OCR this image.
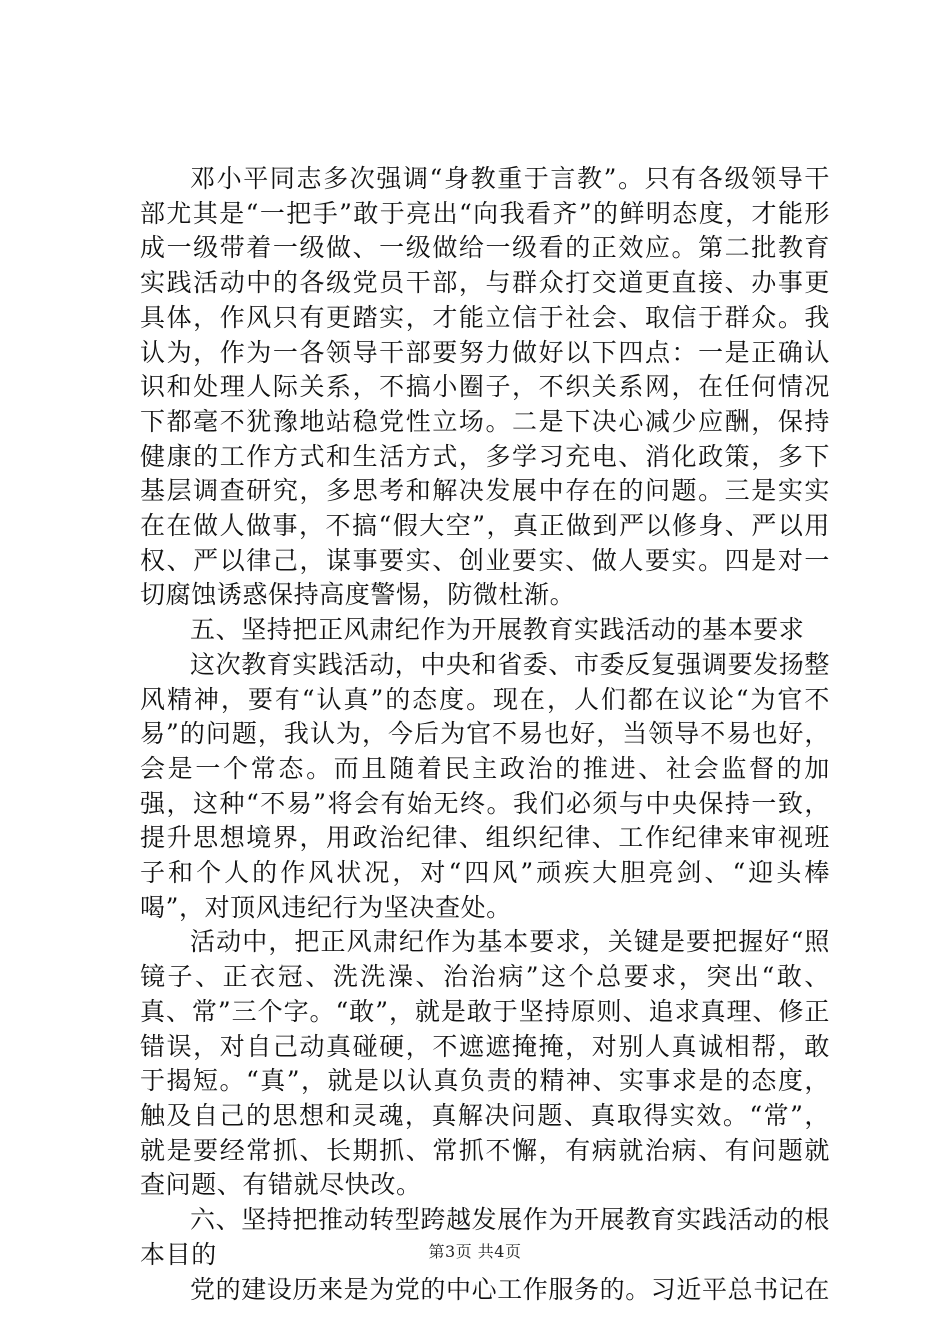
邓小平同志多次强调“身教重于言教”。只有各级领导干部尤其是“一把手”敢于亮出“向我看齐”的鲜明态度，才能形成一级带着一级做、一级做给一级看的正效应。第二批教育实践活动中的各级党员干部，与群众打交道更直接、办事更具体，作风只有更踏实，才能立信于社会、取信于群众。我认为，作为一各领导干部要努力做好以下四点：一是正确认识和处理人际关系，不搞小圈子，不织关系网，在任何情况下都毫不犹豫地站稳党性立场。二是下决心减少应酬，保持健康的工作方式和生活方式，多学习充电、消化政策，多下基层调查研究，多思考和解决发展中存在的问题。三是实实在在做人做事，不搞“假大空”，真正做到严以修身、严以用权、严以律己，谋事要实、创业要实、做人要实。四是对一切腐蚀诱惑保持高度警惕，防微杜渐。

五、坚持把正风肃纪作为开展教育实践活动的基本要求

这次教育实践活动，中央和省委、市委反复强调要发扬整风精神，要有“认真”的态度。现在，人们都在议论“为官不易”的问题，我认为，今后为官不易也好，当领导不易也好，会是一个常态。而且随着民主政治的推进、社会监督的加强，这种“不易”将会有始无终。我们必须与中央保持一致，提升思想境界，用政治纪律、组织纪律、工作纪律来审视班子和个人的作风状况，对“四风”顽疾大胆亮剑、“迎头棒喝”，对顶风违纪行为坚决查处。

活动中，把正风肃纪作为基本要求，关键是要把握好“照镜子、正衣冠、洗洗澡、治治病”这个总要求，突出“敢、真、常”三个字。“敢”，就是敢于坚持原则、追求真理、修正错误，对自己动真碰硬，不遮遮掩掩，对别人真诚相帮，敢于揭短。“真”，就是以认真负责的精神、实事求是的态度，触及自己的思想和灵魂，真解决问题、真取得实效。“常”，就是要经常抓、长期抓、常抓不懈，有病就治病、有问题就查问题、有错就尽快改。

六、坚持把推动转型跨越发展作为开展教育实践活动的根本目的

党的建设历来是为党的中心工作服务的。习近平总书记在

第3页 共4页
